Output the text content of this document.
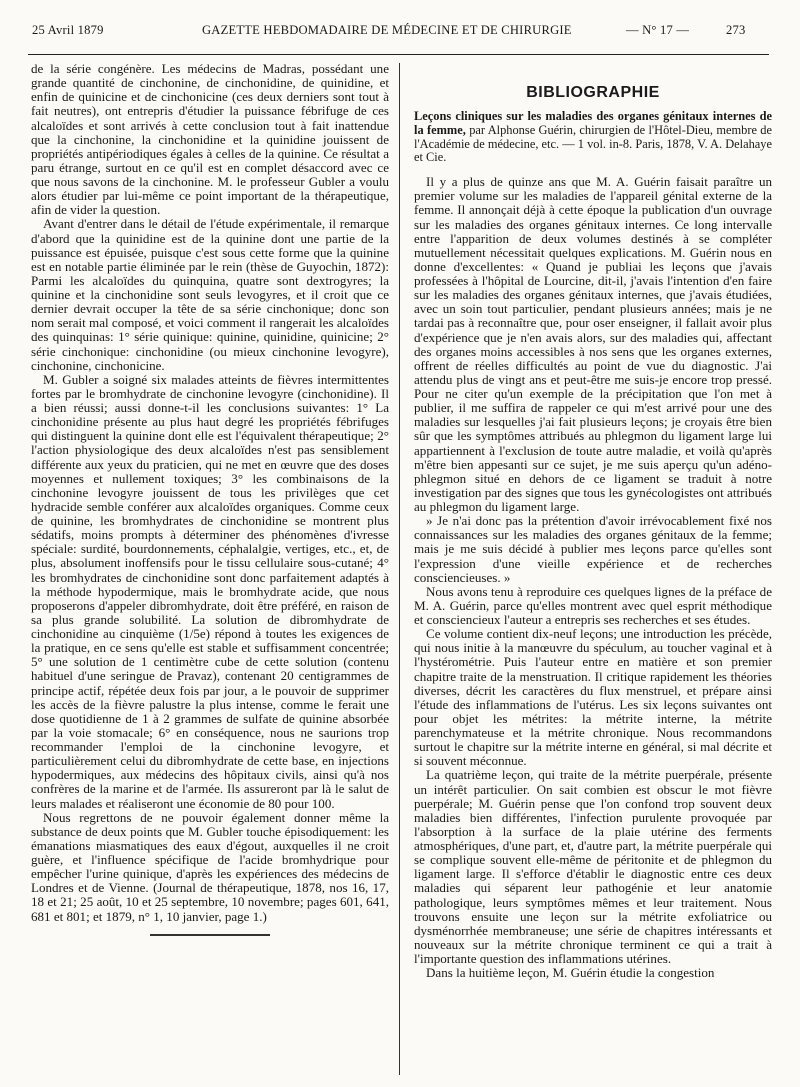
25 Avril 1879	GAZETTE HEBDOMADAIRE DE MÉDECINE ET DE CHIRURGIE	— N° 17 —	273

de la série congénère. Les médecins de Madras, possédant une grande quantité de cinchonine, de cinchonidine, de quinidine, et enfin de quinicine et de cinchonicine (ces deux derniers sont tout à fait neutres), ont entrepris d'étudier la puissance fébrifuge de ces alcaloïdes et sont arrivés à cette conclusion tout à fait inattendue que la cinchonine, la cinchonidine et la quinidine jouissent de propriétés antipériodiques égales à celles de la quinine. Ce résultat a paru étrange, surtout en ce qu'il est en complet désaccord avec ce que nous savons de la cinchonine. M. le professeur Gubler a voulu alors étudier par lui-même ce point important de la thérapeutique, afin de vider la question.

Avant d'entrer dans le détail de l'étude expérimentale, il remarque d'abord que la quinidine est de la quinine dont une partie de la puissance est épuisée, puisque c'est sous cette forme que la quinine est en notable partie éliminée par le rein (thèse de Guyochin, 1872): Parmi les alcaloïdes du quinquina, quatre sont dextrogyres; la quinine et la cinchonidine sont seuls levogyres, et il croit que ce dernier devrait occuper la tête de sa série cinchonique; donc son nom serait mal composé, et voici comment il rangerait les alcaloïdes des quinquinas: 1° série quinique: quinine, quinidine, quinicine; 2° série cinchonique: cinchonidine (ou mieux cinchonine levogyre), cinchonine, cinchonicine.

M. Gubler a soigné six malades atteints de fièvres intermittentes fortes par le bromhydrate de cinchonine levogyre (cinchonidine). Il a bien réussi; aussi donne-t-il les conclusions suivantes: 1° La cinchonidine présente au plus haut degré les propriétés fébrifuges qui distinguent la quinine dont elle est l'équivalent thérapeutique; 2° l'action physiologique des deux alcaloïdes n'est pas sensiblement différente aux yeux du praticien, qui ne met en œuvre que des doses moyennes et nullement toxiques; 3° les combinaisons de la cinchonine levogyre jouissent de tous les privilèges que cet hydracide semble conférer aux alcaloïdes organiques. Comme ceux de quinine, les bromhydrates de cinchonidine se montrent plus sédatifs, moins prompts à déterminer des phénomènes d'ivresse spéciale: surdité, bourdonnements, céphalalgie, vertiges, etc., et, de plus, absolument inoffensifs pour le tissu cellulaire sous-cutané; 4° les bromhydrates de cinchonidine sont donc parfaitement adaptés à la méthode hypodermique, mais le bromhydrate acide, que nous proposerons d'appeler dibromhydrate, doit être préféré, en raison de sa plus grande solubilité. La solution de dibromhydrate de cinchonidine au cinquième (1/5e) répond à toutes les exigences de la pratique, en ce sens qu'elle est stable et suffisamment concentrée; 5° une solution de 1 centimètre cube de cette solution (contenu habituel d'une seringue de Pravaz), contenant 20 centigrammes de principe actif, répétée deux fois par jour, a le pouvoir de supprimer les accès de la fièvre palustre la plus intense, comme le ferait une dose quotidienne de 1 à 2 grammes de sulfate de quinine absorbée par la voie stomacale; 6° en conséquence, nous ne saurions trop recommander l'emploi de la cinchonine levogyre, et particulièrement celui du dibromhydrate de cette base, en injections hypodermiques, aux médecins des hôpitaux civils, ainsi qu'à nos confrères de la marine et de l'armée. Ils assureront par là le salut de leurs malades et réaliseront une économie de 80 pour 100.

Nous regrettons de ne pouvoir également donner même la substance de deux points que M. Gubler touche épisodiquement: les émanations miasmatiques des eaux d'égout, auxquelles il ne croit guère, et l'influence spécifique de l'acide bromhydrique pour empêcher l'urine quinique, d'après les expériences des médecins de Londres et de Vienne. (Journal de thérapeutique, 1878, nos 16, 17, 18 et 21; 25 août, 10 et 25 septembre, 10 novembre; pages 601, 641, 681 et 801; et 1879, n° 1, 10 janvier, page 1.)

BIBLIOGRAPHIE
Leçons cliniques sur les maladies des organes génitaux internes de la femme, par Alphonse Guérin, chirurgien de l'Hôtel-Dieu, membre de l'Académie de médecine, etc. — 1 vol. in-8. Paris, 1878, V. A. Delahaye et Cie.

Il y a plus de quinze ans que M. A. Guérin faisait paraître un premier volume sur les maladies de l'appareil génital externe de la femme. Il annonçait déjà à cette époque la publication d'un ouvrage sur les maladies des organes génitaux internes. Ce long intervalle entre l'apparition de deux volumes destinés à se compléter mutuellement nécessitait quelques explications. M. Guérin nous en donne d'excellentes: « Quand je publiai les leçons que j'avais professées à l'hôpital de Lourcine, dit-il, j'avais l'intention d'en faire sur les maladies des organes génitaux internes, que j'avais étudiées, avec un soin tout particulier, pendant plusieurs années; mais je ne tardai pas à reconnaître que, pour oser enseigner, il fallait avoir plus d'expérience que je n'en avais alors, sur des maladies qui, affectant des organes moins accessibles à nos sens que les organes externes, offrent de réelles difficultés au point de vue du diagnostic. J'ai attendu plus de vingt ans et peut-être me suis-je encore trop pressé. Pour ne citer qu'un exemple de la précipitation que l'on met à publier, il me suffira de rappeler ce qui m'est arrivé pour une des maladies sur lesquelles j'ai fait plusieurs leçons; je croyais être bien sûr que les symptômes attribués au phlegmon du ligament large lui appartiennent à l'exclusion de toute autre maladie, et voilà qu'après m'être bien appesanti sur ce sujet, je me suis aperçu qu'un adéno-phlegmon situé en dehors de ce ligament se traduit à notre investigation par des signes que tous les gynécologistes ont attribués au phlegmon du ligament large.

» Je n'ai donc pas la prétention d'avoir irrévocablement fixé nos connaissances sur les maladies des organes génitaux de la femme; mais je me suis décidé à publier mes leçons parce qu'elles sont l'expression d'une vieille expérience et de recherches consciencieuses. »

Nous avons tenu à reproduire ces quelques lignes de la préface de M. A. Guérin, parce qu'elles montrent avec quel esprit méthodique et consciencieux l'auteur a entrepris ses recherches et ses études.

Ce volume contient dix-neuf leçons; une introduction les précède, qui nous initie à la manœuvre du spéculum, au toucher vaginal et à l'hystérométrie. Puis l'auteur entre en matière et son premier chapitre traite de la menstruation. Il critique rapidement les théories diverses, décrit les caractères du flux menstruel, et prépare ainsi l'étude des inflammations de l'utérus. Les six leçons suivantes ont pour objet les métrites: la métrite interne, la métrite parenchymateuse et la métrite chronique. Nous recommandons surtout le chapitre sur la métrite interne en général, si mal décrite et si souvent méconnue.

La quatrième leçon, qui traite de la métrite puerpérale, présente un intérêt particulier. On sait combien est obscur le mot fièvre puerpérale; M. Guérin pense que l'on confond trop souvent deux maladies bien différentes, l'infection purulente provoquée par l'absorption à la surface de la plaie utérine des ferments atmosphériques, d'une part, et, d'autre part, la métrite puerpérale qui se complique souvent elle-même de péritonite et de phlegmon du ligament large. Il s'efforce d'établir le diagnostic entre ces deux maladies qui séparent leur pathogénie et leur anatomie pathologique, leurs symptômes mêmes et leur traitement. Nous trouvons ensuite une leçon sur la métrite exfoliatrice ou dysménorrhée membraneuse; une série de chapitres intéressants et nouveaux sur la métrite chronique terminent ce qui a trait à l'importante question des inflammations utérines.

Dans la huitième leçon, M. Guérin étudie la congestion
